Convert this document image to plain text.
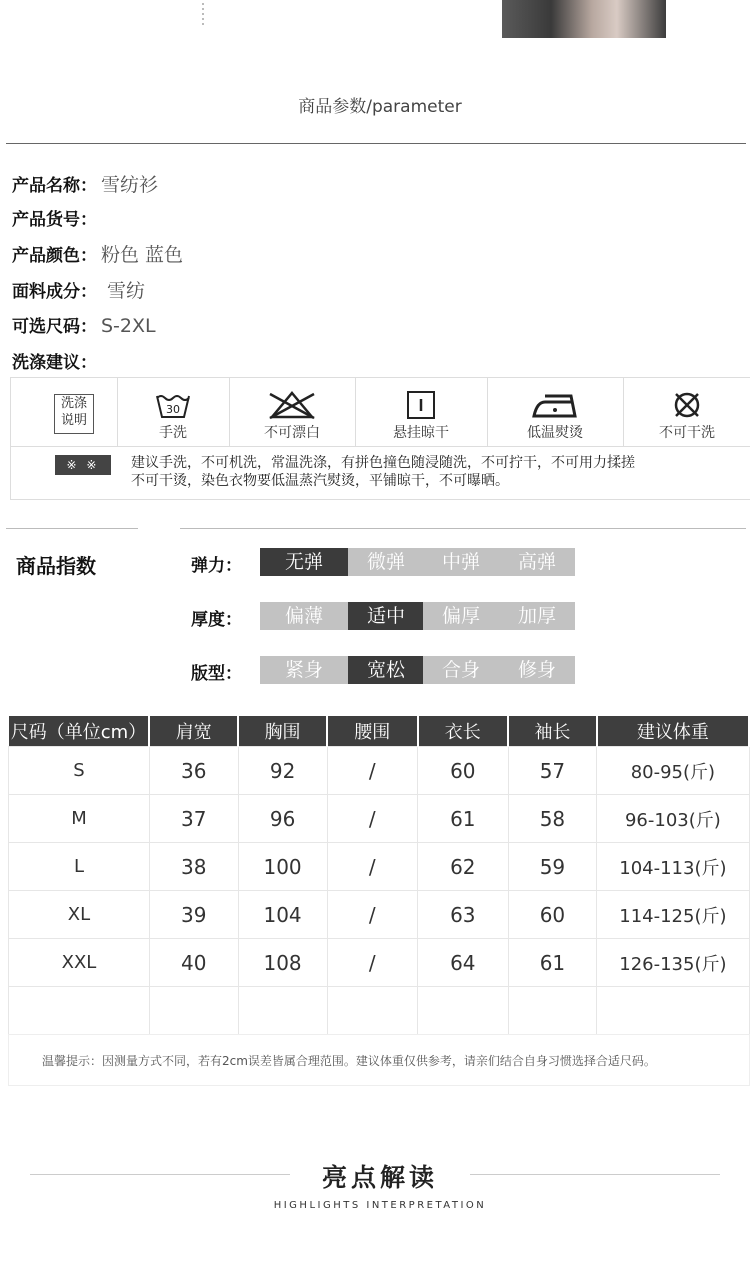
商品参数/parameter
产品名称： 雪纺衫
产品货号：
产品颜色： 粉色 蓝色
面料成分： 雪纺
可选尺码： S-2XL
洗涤建议：
洗涤说明
30
手洗	不可漂白	悬挂晾干	低温熨烫	不可干洗
※ ※	建议手洗，不可机洗，常温洗涤，有拼色撞色随浸随洗，不可拧干，不可用力揉搓
不可干烫，染色衣物要低温蒸汽熨烫，平铺晾干，不可曝晒。
商品指数	弹力：	无弹	微弹	中弹	高弹
厚度：	偏薄	适中	偏厚	加厚
版型：	紧身	宽松	合身	修身
尺码（单位cm）	肩宽	胸围	腰围	衣长	袖长	建议体重
S	36	92	/	60	57	80-95(斤)
M	37	96	/	61	58	96-103(斤)
L	38	100	/	62	59	104-113(斤)
XL	39	104	/	63	60	114-125(斤)
XXL	40	108	/	64	61	126-135(斤)

温馨提示：因测量方式不同，若有2cm误差皆属合理范围。建议体重仅供参考，请亲们结合自身习惯选择合适尺码。
亮点解读
HIGHLIGHTS INTERPRETATION
